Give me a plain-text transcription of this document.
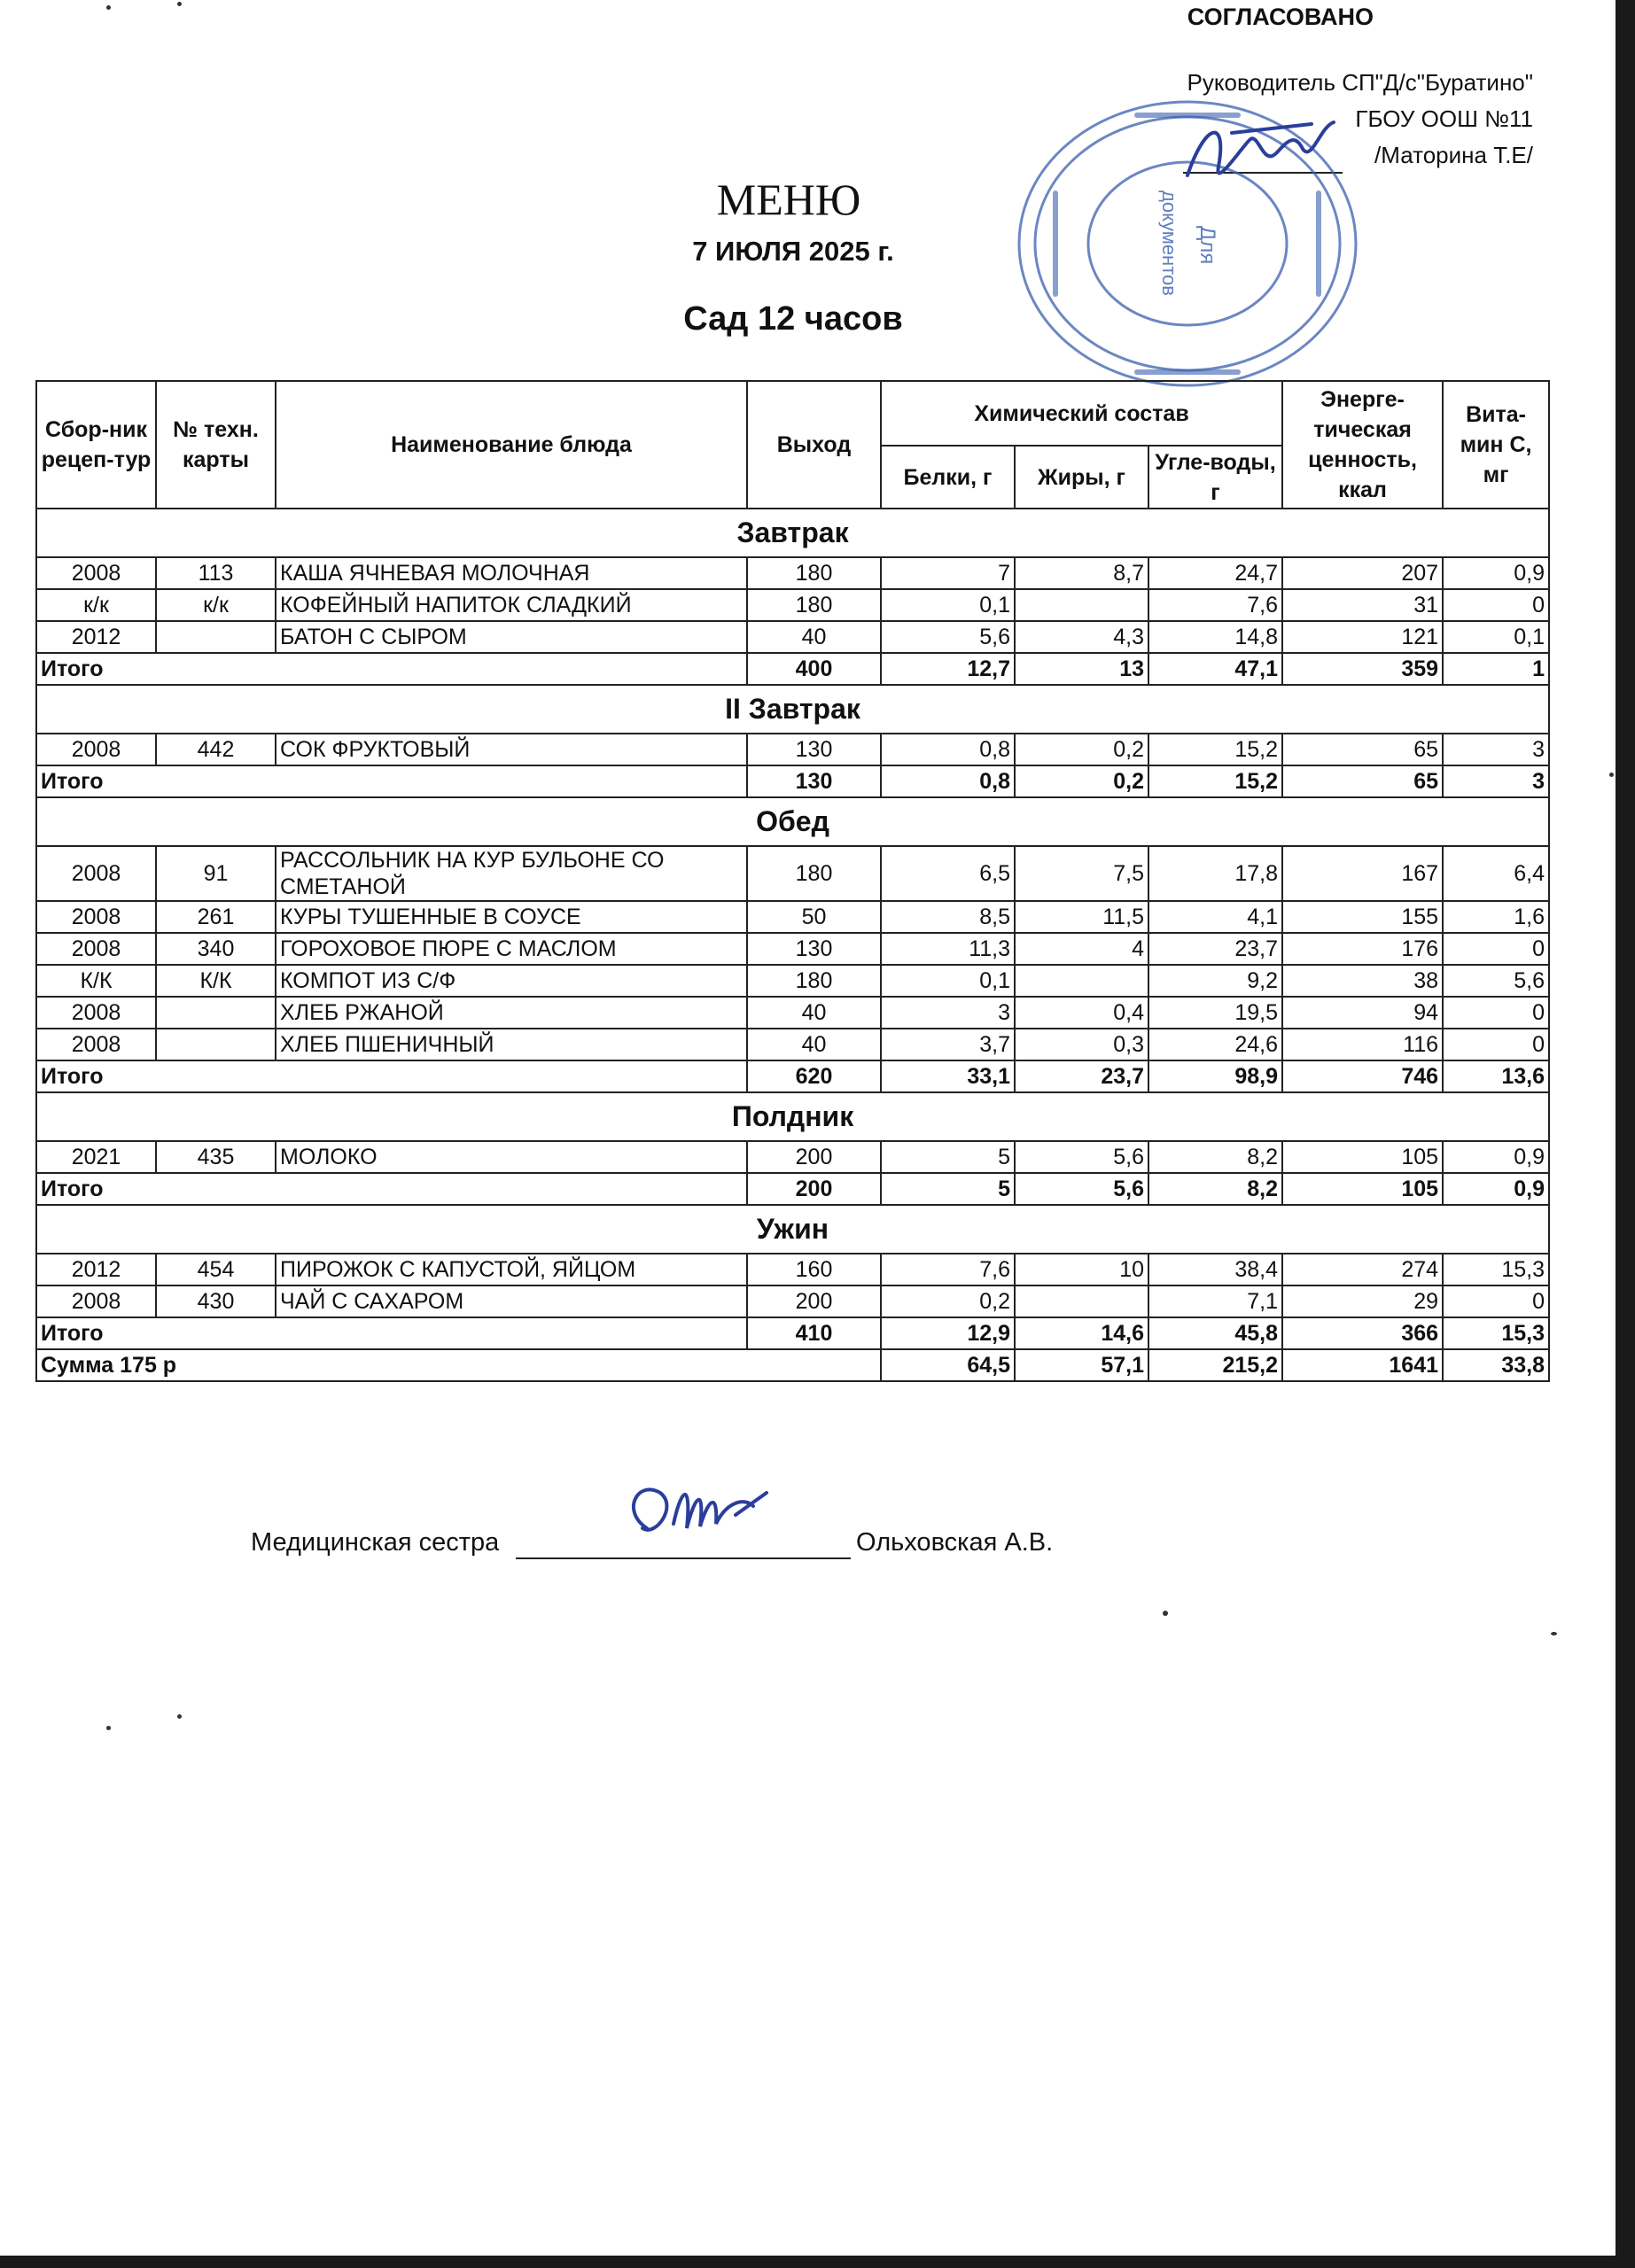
СОГЛАСОВАНО
Руководитель СП"Д/с"Буратино"
ГБОУ ООШ №11
/Маторина Т.Е/
Для
документов
МЕНЮ
7 ИЮЛЯ 2025 г.
Сад 12 часов
Сбор-ник рецеп-тур	№ техн. карты	Наименование блюда	Выход	Химический состав			Энерге-тическая ценность, ккал	Вита-мин С, мг
				Белки, г	Жиры, г	Угле-воды, г		
Завтрак								
2008	113	КАША ЯЧНЕВАЯ МОЛОЧНАЯ	180	7	8,7	24,7	207	0,9
к/к	к/к	КОФЕЙНЫЙ НАПИТОК СЛАДКИЙ	180	0,1		7,6	31	0
2012		БАТОН С СЫРОМ	40	5,6	4,3	14,8	121	0,1
Итого			400	12,7	13	47,1	359	1
II Завтрак								
2008	442	СОК ФРУКТОВЫЙ	130	0,8	0,2	15,2	65	3
Итого			130	0,8	0,2	15,2	65	3
Обед								
2008	91	РАССОЛЬНИК НА КУР БУЛЬОНЕ СО СМЕТАНОЙ	180	6,5	7,5	17,8	167	6,4
2008	261	КУРЫ ТУШЕННЫЕ В СОУСЕ	50	8,5	11,5	4,1	155	1,6
2008	340	ГОРОХОВОЕ ПЮРЕ С МАСЛОМ	130	11,3	4	23,7	176	0
К/К	К/К	КОМПОТ ИЗ С/Ф	180	0,1		9,2	38	5,6
2008		ХЛЕБ РЖАНОЙ	40	3	0,4	19,5	94	0
2008		ХЛЕБ ПШЕНИЧНЫЙ	40	3,7	0,3	24,6	116	0
Итого			620	33,1	23,7	98,9	746	13,6
Полдник								
2021	435	МОЛОКО	200	5	5,6	8,2	105	0,9
Итого			200	5	5,6	8,2	105	0,9
Ужин								
2012	454	ПИРОЖОК С КАПУСТОЙ, ЯЙЦОМ	160	7,6	10	38,4	274	15,3
2008	430	ЧАЙ С САХАРОМ	200	0,2		7,1	29	0
Итого			410	12,9	14,6	45,8	366	15,3
Сумма 175 р				64,5	57,1	215,2	1641	33,8
Медицинская сестра	Ольховская А.В.
